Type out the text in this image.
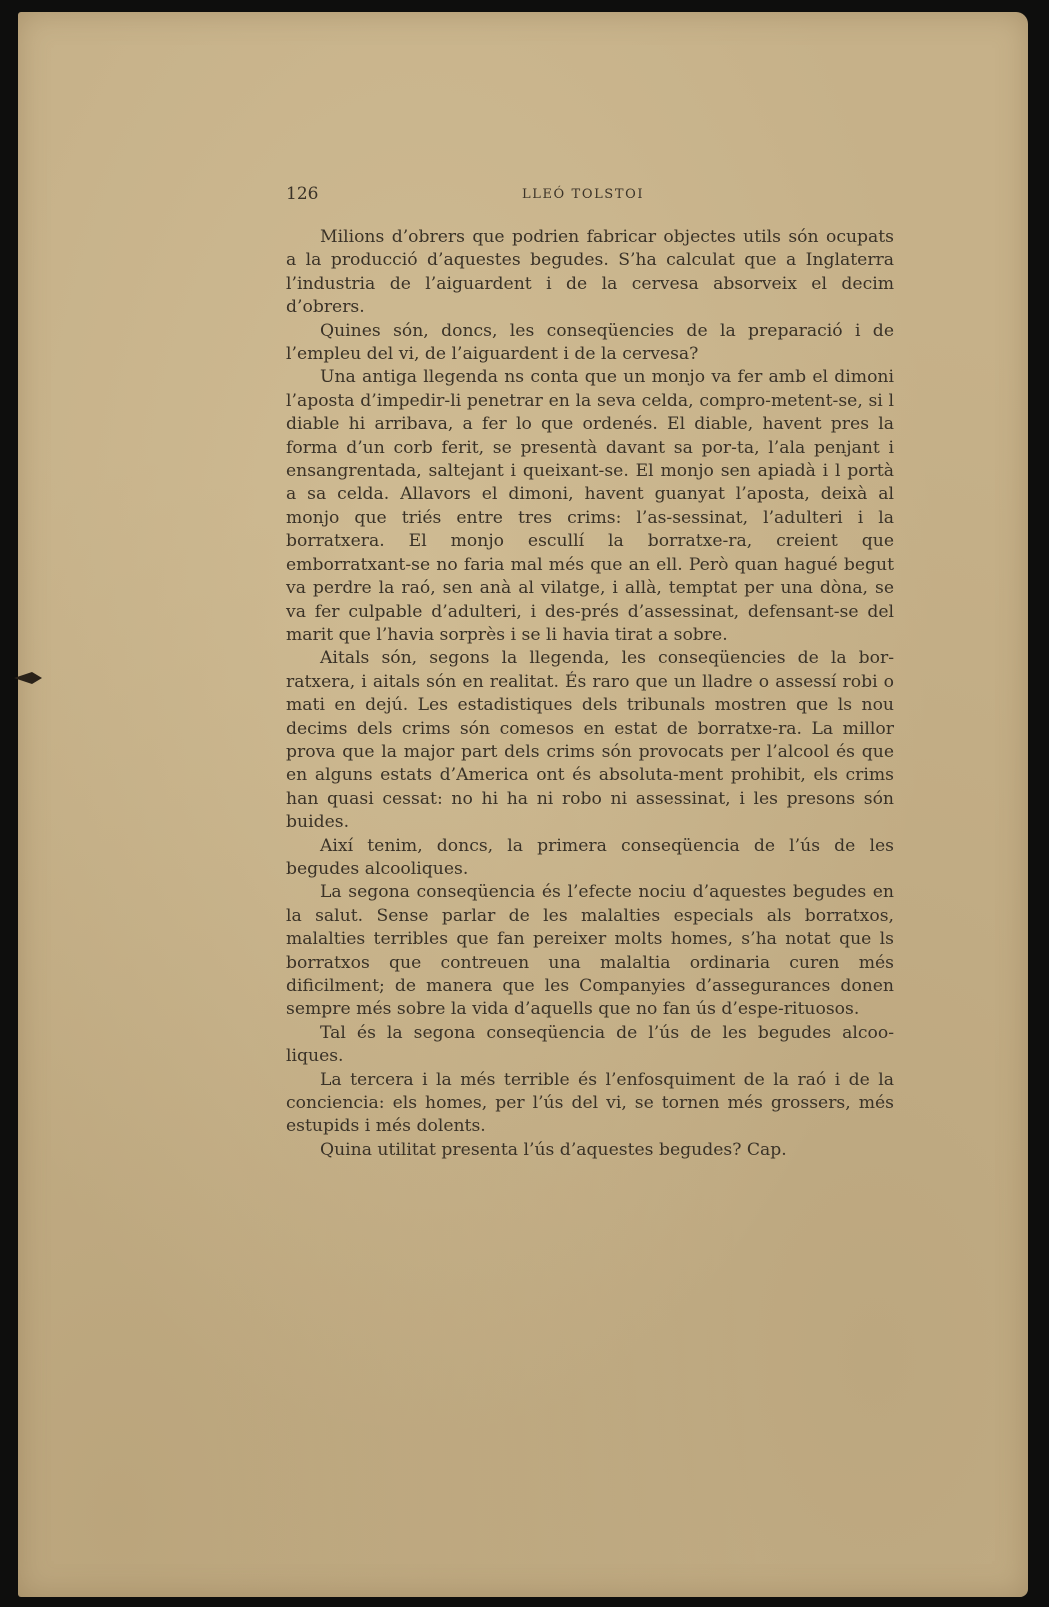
126	LLEÓ TOLSTOI

Milions d’obrers que podrien fabricar objectes utils són ocupats a la producció d’aquestes begudes. S’ha calculat que a Inglaterra l’industria de l’aiguardent i de la cervesa absorveix el decim d’obrers.

Quines són, doncs, les conseqüencies de la preparació i de l’empleu del vi, de l’aiguardent i de la cervesa?

Una antiga llegenda ns conta que un monjo va fer amb el dimoni l’aposta d’impedir-li penetrar en la seva celda, compro-metent-se, si l diable hi arribava, a fer lo que ordenés. El diable, havent pres la forma d’un corb ferit, se presentà davant sa por-ta, l’ala penjant i ensangrentada, saltejant i queixant-se. El monjo sen apiadà i l portà a sa celda. Allavors el dimoni, havent guanyat l’aposta, deixà al monjo que triés entre tres crims: l’as-sessinat, l’adulteri i la borratxera. El monjo escullí la borratxe-ra, creient que emborratxant-se no faria mal més que an ell. Però quan hagué begut va perdre la raó, sen anà al vilatge, i allà, temptat per una dòna, se va fer culpable d’adulteri, i des-prés d’assessinat, defensant-se del marit que l’havia sorprès i se li havia tirat a sobre.

Aitals són, segons la llegenda, les conseqüencies de la bor-ratxera, i aitals són en realitat. És raro que un lladre o assessí robi o mati en dejú. Les estadistiques dels tribunals mostren que ls nou decims dels crims són comesos en estat de borratxe-ra. La millor prova que la major part dels crims són provocats per l’alcool és que en alguns estats d’America ont és absoluta-ment prohibit, els crims han quasi cessat: no hi ha ni robo ni assessinat, i les presons són buides.

Així tenim, doncs, la primera conseqüencia de l’ús de les begudes alcooliques.

La segona conseqüencia és l’efecte nociu d’aquestes begudes en la salut. Sense parlar de les malalties especials als borratxos, malalties terribles que fan pereixer molts homes, s’ha notat que ls borratxos que contreuen una malaltia ordinaria curen més dificilment; de manera que les Companyies d’assegurances donen sempre més sobre la vida d’aquells que no fan ús d’espe-rituosos.

Tal és la segona conseqüencia de l’ús de les begudes alcoo-liques.

La tercera i la més terrible és l’enfosquiment de la raó i de la conciencia: els homes, per l’ús del vi, se tornen més grossers, més estupids i més dolents.

Quina utilitat presenta l’ús d’aquestes begudes? Cap.
